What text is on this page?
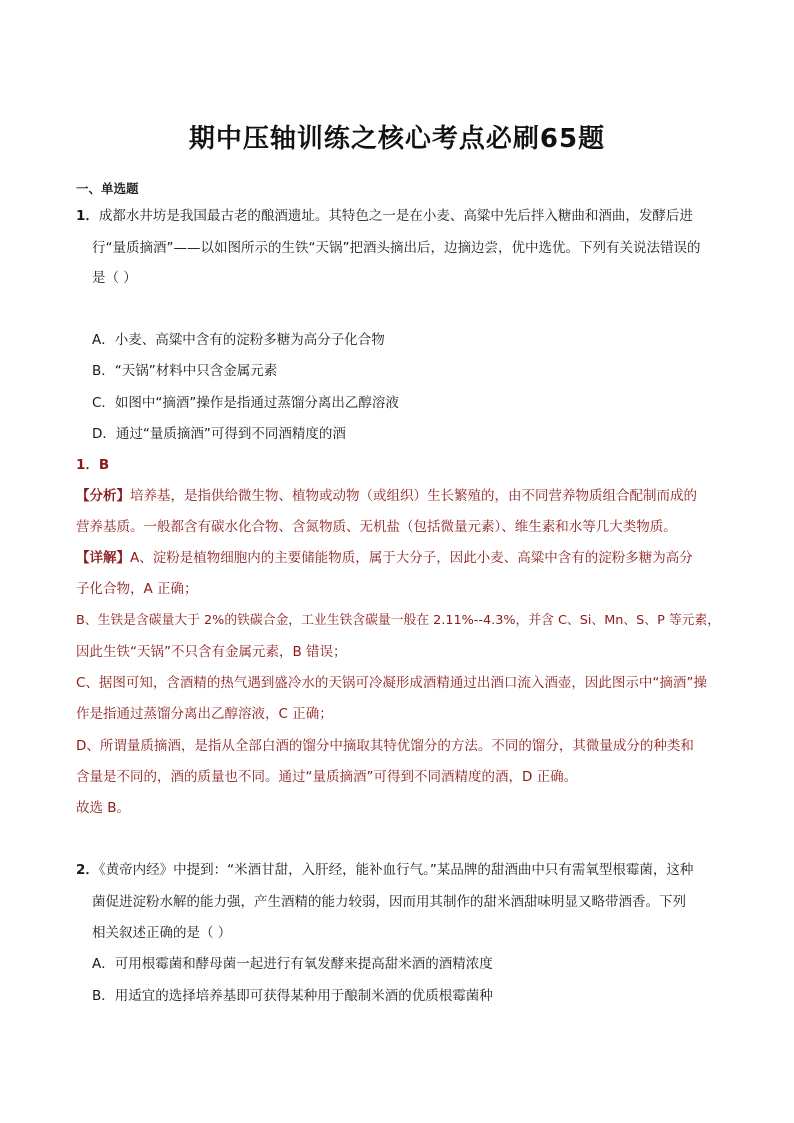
期中压轴训练之核心考点必刷65题
一、单选题
1．成都水井坊是我国最古老的酿酒遗址。其特色之一是在小麦、高粱中先后拌入糖曲和酒曲，发酵后进
行“量质摘酒”——以如图所示的生铁“天锅”把酒头摘出后，边摘边尝，优中选优。下列有关说法错误的
是（ ）
A．小麦、高粱中含有的淀粉多糖为高分子化合物
B．“天锅”材料中只含金属元素
C．如图中“摘酒”操作是指通过蒸馏分离出乙醇溶液
D．通过“量质摘酒”可得到不同酒精度的酒
1．B
【分析】培养基，是指供给微生物、植物或动物（或组织）生长繁殖的，由不同营养物质组合配制而成的
营养基质。一般都含有碳水化合物、含氮物质、无机盐（包括微量元素）、维生素和水等几大类物质。
【详解】A、淀粉是植物细胞内的主要储能物质，属于大分子，因此小麦、高粱中含有的淀粉多糖为高分
子化合物，A 正确；
B、生铁是含碳量大于 2%的铁碳合金，工业生铁含碳量一般在 2.11%--4.3%，并含 C、Si、Mn、S、P 等元素，
因此生铁“天锅”不只含有金属元素，B 错误；
C、据图可知，含酒精的热气遇到盛冷水的天锅可冷凝形成酒精通过出酒口流入酒壶，因此图示中“摘酒”操
作是指通过蒸馏分离出乙醇溶液，C 正确；
D、所谓量质摘酒，是指从全部白酒的馏分中摘取其特优馏分的方法。不同的馏分，其微量成分的种类和
含量是不同的，酒的质量也不同。通过“量质摘酒”可得到不同酒精度的酒，D 正确。
故选 B。
2．《黄帝内经》中提到：“米酒甘甜，入肝经，能补血行气。”某品牌的甜酒曲中只有需氧型根霉菌，这种
菌促进淀粉水解的能力强，产生酒精的能力较弱，因而用其制作的甜米酒甜味明显又略带酒香。下列
相关叙述正确的是（ ）
A．可用根霉菌和酵母菌一起进行有氧发酵来提高甜米酒的酒精浓度
B．用适宜的选择培养基即可获得某种用于酿制米酒的优质根霉菌种
